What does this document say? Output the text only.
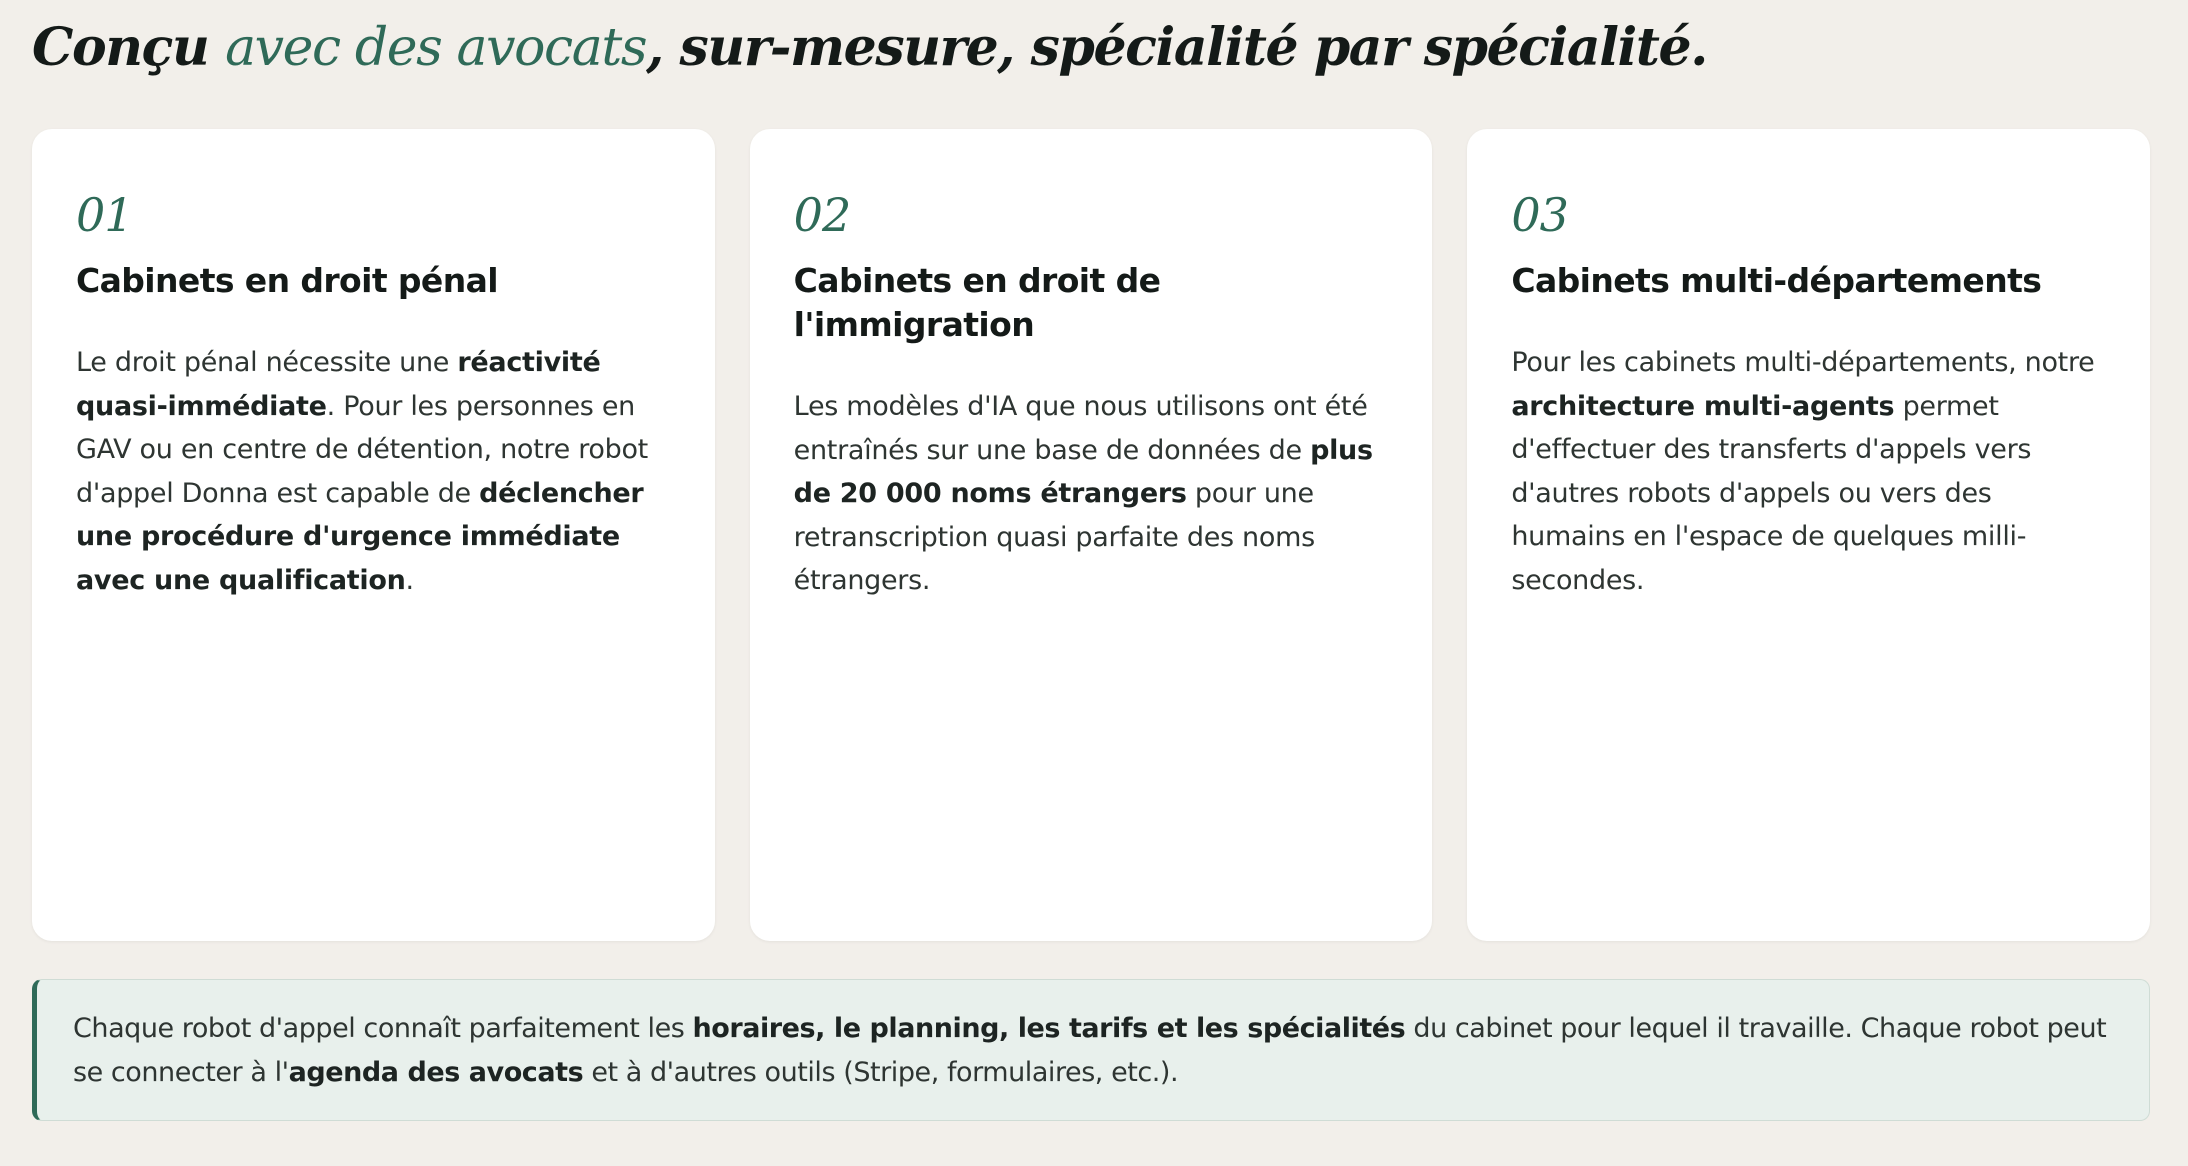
Conçu avec des avocats, sur-mesure, spécialité par spécialité.
01
Cabinets en droit pénal

Le droit pénal nécessite une réactivité quasi-immédiate. Pour les personnes en GAV ou en centre de détention, notre robot d'appel Donna est capable de déclencher une procédure d'urgence immédiate avec une qualification.

02
Cabinets en droit de l'immigration

Les modèles d'IA que nous utilisons ont été entraînés sur une base de données de plus de 20 000 noms étrangers pour une retranscription quasi parfaite des noms étrangers.

03
Cabinets multi-départements

Pour les cabinets multi-départements, notre architecture multi-agents permet d'effectuer des transferts d'appels vers d'autres robots d'appels ou vers des humains en l'espace de quelques milli-secondes.

Chaque robot d'appel connaît parfaitement les horaires, le planning, les tarifs et les spécialités du cabinet pour lequel il travaille. Chaque robot peut se connecter à l'agenda des avocats et à d'autres outils (Stripe, formulaires, etc.).
